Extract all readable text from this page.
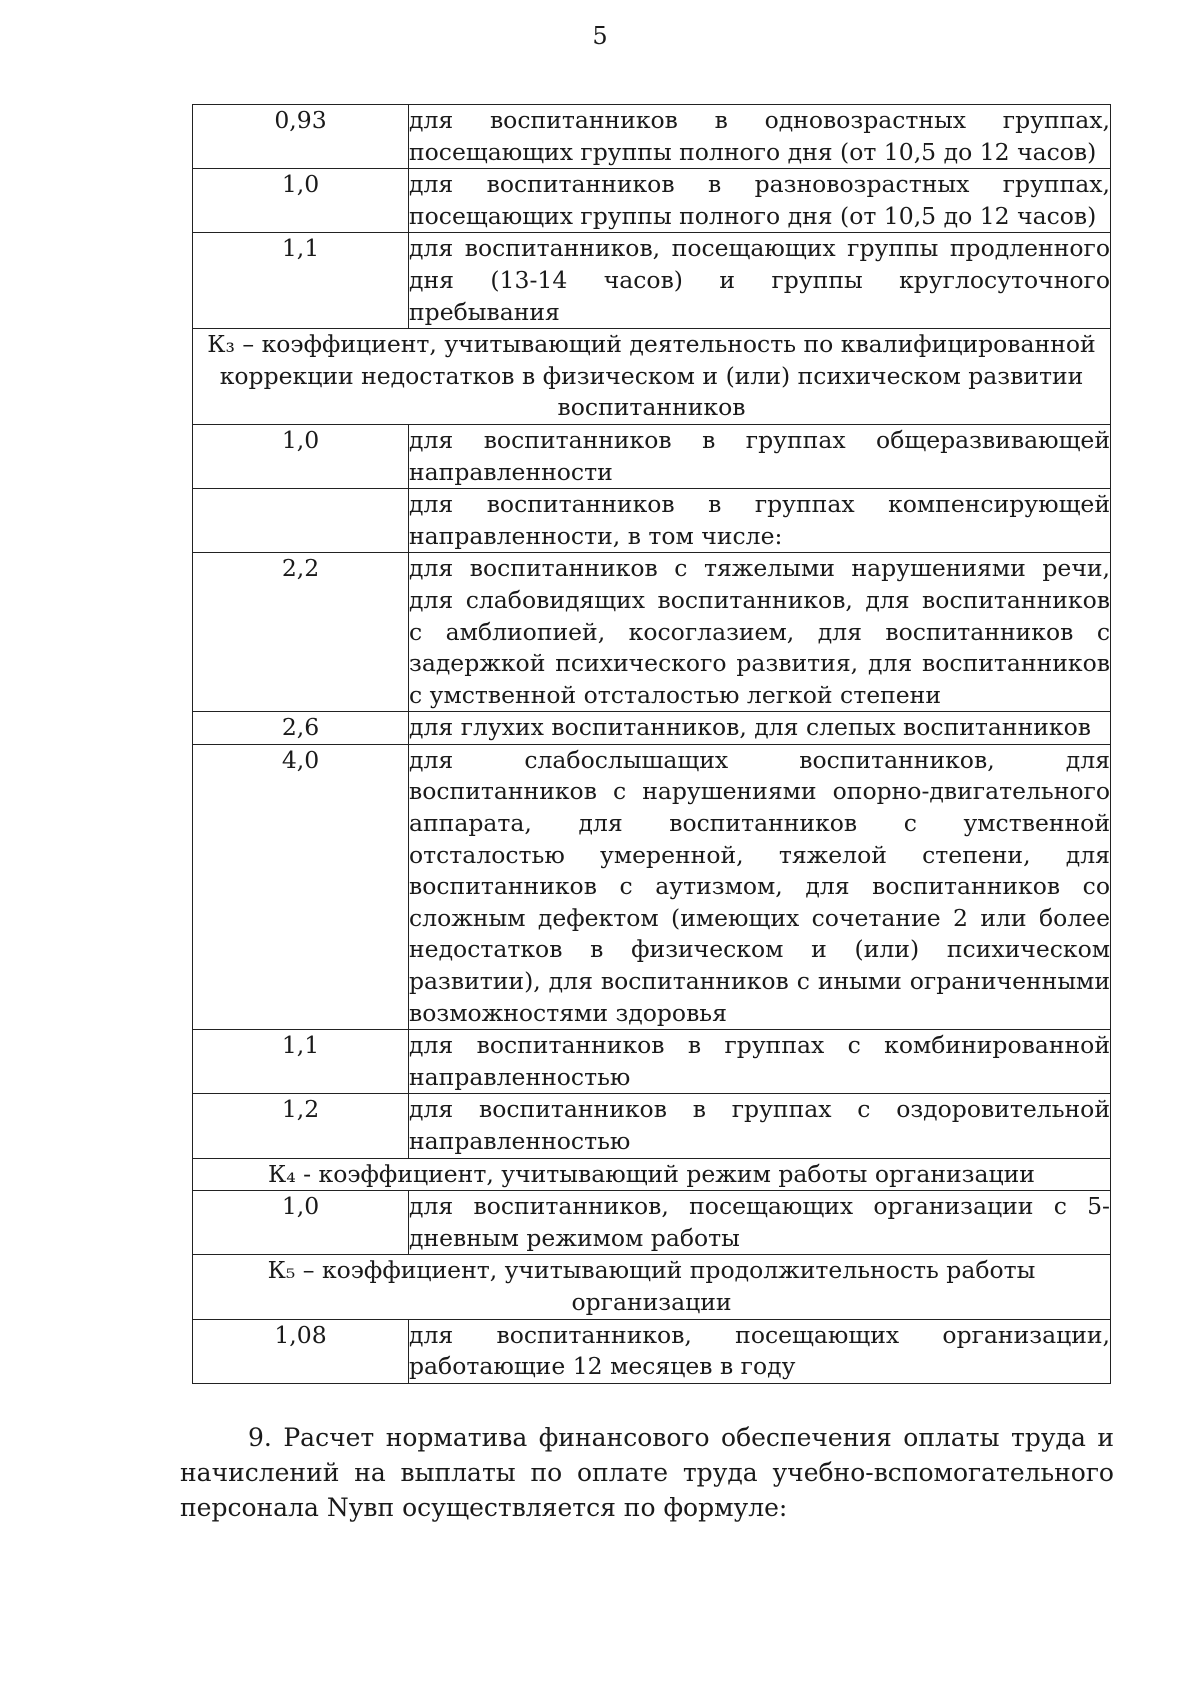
5
0,93	для воспитанников в одновозрастных группах, посещающих группы полного дня (от 10,5 до 12 часов)
1,0	для воспитанников в разновозрастных группах, посещающих группы полного дня (от 10,5 до 12 часов)
1,1	для воспитанников, посещающих группы продленного дня (13-14 часов) и группы круглосуточного пребывания
К₃ – коэффициент, учитывающий деятельность по квалифицированной коррекции недостатков в физическом и (или) психическом развитии воспитанников	
1,0	для воспитанников в группах общеразвивающей направленности
	для воспитанников в группах компенсирующей направленности, в том числе:
2,2	для воспитанников с тяжелыми нарушениями речи, для слабовидящих воспитанников, для воспитанников с амблиопией, косоглазием, для воспитанников с задержкой психического развития, для воспитанников с умственной отсталостью легкой степени
2,6	для глухих воспитанников, для слепых воспитанников
4,0	для слабослышащих воспитанников, для воспитанников с нарушениями опорно-двигательного аппарата, для воспитанников с умственной отсталостью умеренной, тяжелой степени, для воспитанников с аутизмом, для воспитанников со сложным дефектом (имеющих сочетание 2 или более недостатков в физическом и (или) психическом развитии), для воспитанников с иными ограниченными возможностями здоровья
1,1	для воспитанников в группах с комбинированной направленностью
1,2	для воспитанников в группах с оздоровительной направленностью
К₄ - коэффициент, учитывающий режим работы организации	
1,0	для воспитанников, посещающих организации с 5-дневным режимом работы
К₅ – коэффициент, учитывающий продолжительность работы организации	
1,08	для воспитанников, посещающих организации, работающие 12 месяцев в году
9. Расчет норматива финансового обеспечения оплаты труда и начислений на выплаты по оплате труда учебно-вспомогательного персонала Nувп осуществляется по формуле:
